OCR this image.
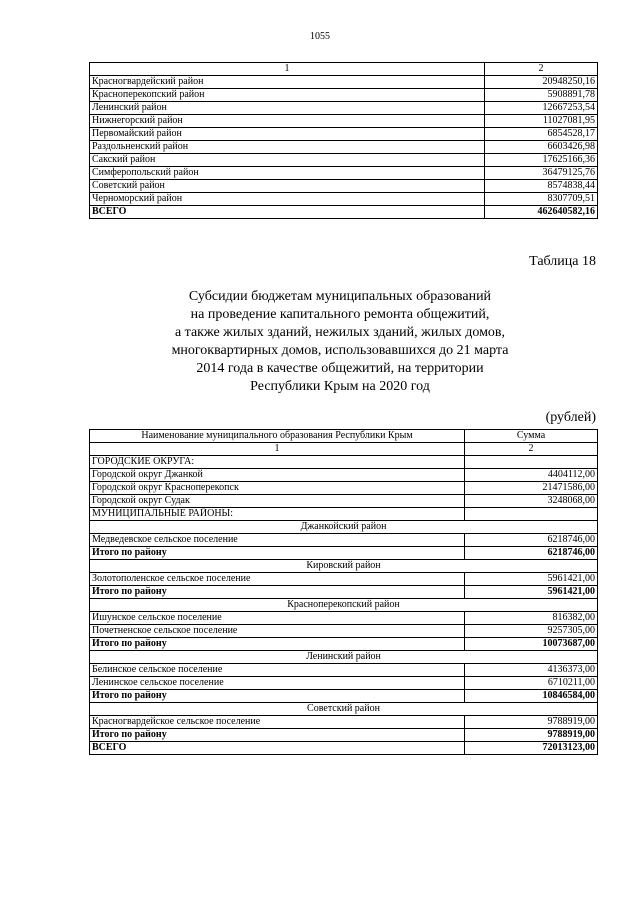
1055
1	2
Красногвардейский район	20948250,16
Красноперекопский район	5908891,78
Ленинский район	12667253,54
Нижнегорский район	11027081,95
Первомайский район	6854528,17
Раздольненский район	6603426,98
Сакский район	17625166,36
Симферопольский район	36479125,76
Советский район	8574838,44
Черноморский район	8307709,51
ВСЕГО	462640582,16
Таблица 18
Субсидии бюджетам муниципальных образований
на проведение капитального ремонта общежитий,
а также жилых зданий, нежилых зданий, жилых домов,
многоквартирных домов, использовавшихся до 21 марта
2014 года в качестве общежитий, на территории
Республики Крым на 2020 год
(рублей)
Наименование муниципального образования Республики Крым	Сумма
1	2
ГОРОДСКИЕ ОКРУГА:	
Городской округ Джанкой	4404112,00
Городской округ Красноперекопск	21471586,00
Городской округ Судак	3248068,00
МУНИЦИПАЛЬНЫЕ РАЙОНЫ:	
Джанкойский район	
Медведевское сельское поселение	6218746,00
Итого по району	6218746,00
Кировский район	
Золотополенское сельское поселение	5961421,00
Итого по району	5961421,00
Красноперекопский район	
Ишунское сельское поселение	816382,00
Почетненское сельское поселение	9257305,00
Итого по району	10073687,00
Ленинский район	
Белинское сельское поселение	4136373,00
Ленинское сельское поселение	6710211,00
Итого по району	10846584,00
Советский район	
Красногвардейское сельское поселение	9788919,00
Итого по району	9788919,00
ВСЕГО	72013123,00
